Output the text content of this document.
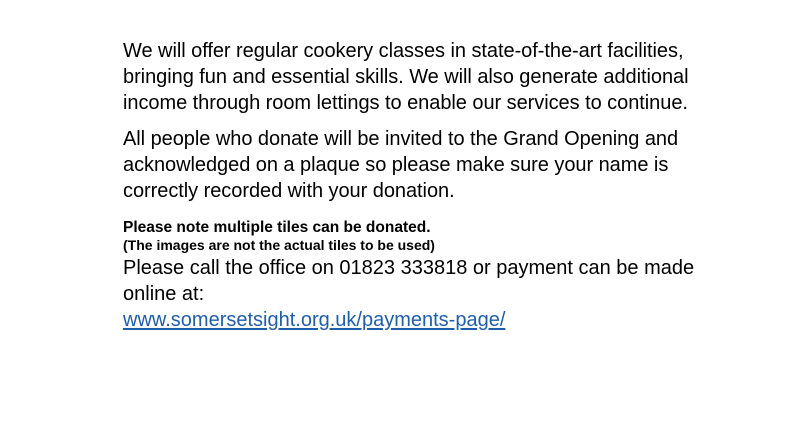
We will offer regular cookery classes in state-of-the-art facilities, bringing fun and essential skills. We will also generate additional income through room lettings to enable our services to continue.

All people who donate will be invited to the Grand Opening and acknowledged on a plaque so please make sure your name is correctly recorded with your donation.

Please note multiple tiles can be donated.

(The images are not the actual tiles to be used)

Please call the office on 01823 333818 or payment can be made online at:

www.somersetsight.org.uk/payments-page/
